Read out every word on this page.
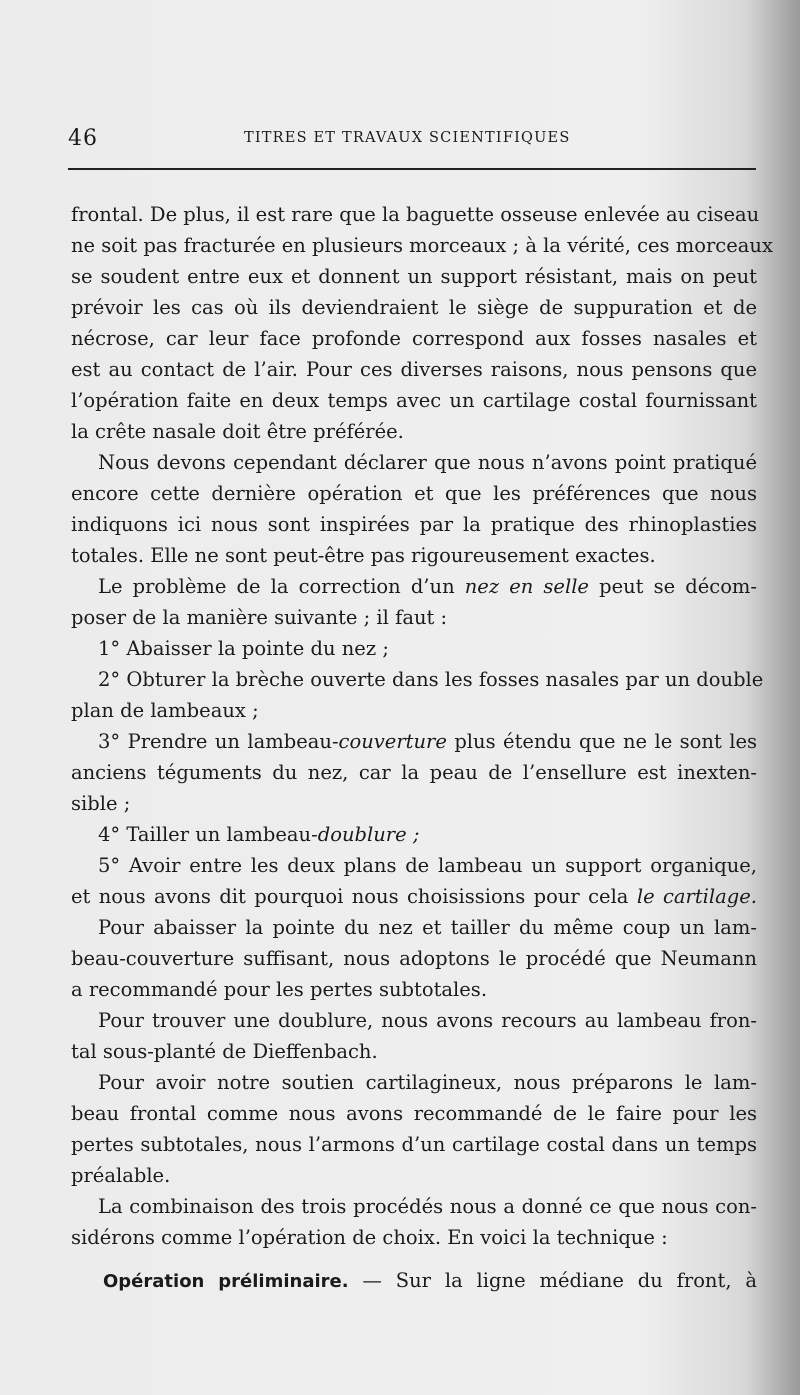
46	TITRES ET TRAVAUX SCIENTIFIQUES
frontal. De plus, il est rare que la baguette osseuse enlevée au ciseau
ne soit pas fracturée en plusieurs morceaux ; à la vérité, ces morceaux
se soudent entre eux et donnent un support résistant, mais on peut
prévoir les cas où ils deviendraient le siège de suppuration et de
nécrose, car leur face profonde correspond aux fosses nasales et
est au contact de l’air. Pour ces diverses raisons, nous pensons que
l’opération faite en deux temps avec un cartilage costal fournissant
la crête nasale doit être préférée.
Nous devons cependant déclarer que nous n’avons point pratiqué
encore cette dernière opération et que les préférences que nous
indiquons ici nous sont inspirées par la pratique des rhinoplasties
totales. Elle ne sont peut-être pas rigoureusement exactes.
Le problème de la correction d’un nez en selle peut se décom-
poser de la manière suivante ; il faut :
1° Abaisser la pointe du nez ;
2° Obturer la brèche ouverte dans les fosses nasales par un double
plan de lambeaux ;
3° Prendre un lambeau-couverture plus étendu que ne le sont les
anciens téguments du nez, car la peau de l’ensellure est inexten-
sible ;
4° Tailler un lambeau-doublure ;
5° Avoir entre les deux plans de lambeau un support organique,
et nous avons dit pourquoi nous choisissions pour cela le cartilage.
Pour abaisser la pointe du nez et tailler du même coup un lam-
beau-couverture suffisant, nous adoptons le procédé que Neumann
a recommandé pour les pertes subtotales.
Pour trouver une doublure, nous avons recours au lambeau fron-
tal sous-planté de Dieffenbach.
Pour avoir notre soutien cartilagineux, nous préparons le lam-
beau frontal comme nous avons recommandé de le faire pour les
pertes subtotales, nous l’armons d’un cartilage costal dans un temps
préalable.
La combinaison des trois procédés nous a donné ce que nous con-
sidérons comme l’opération de choix. En voici la technique :
Opération préliminaire. — Sur la ligne médiane du front, à
